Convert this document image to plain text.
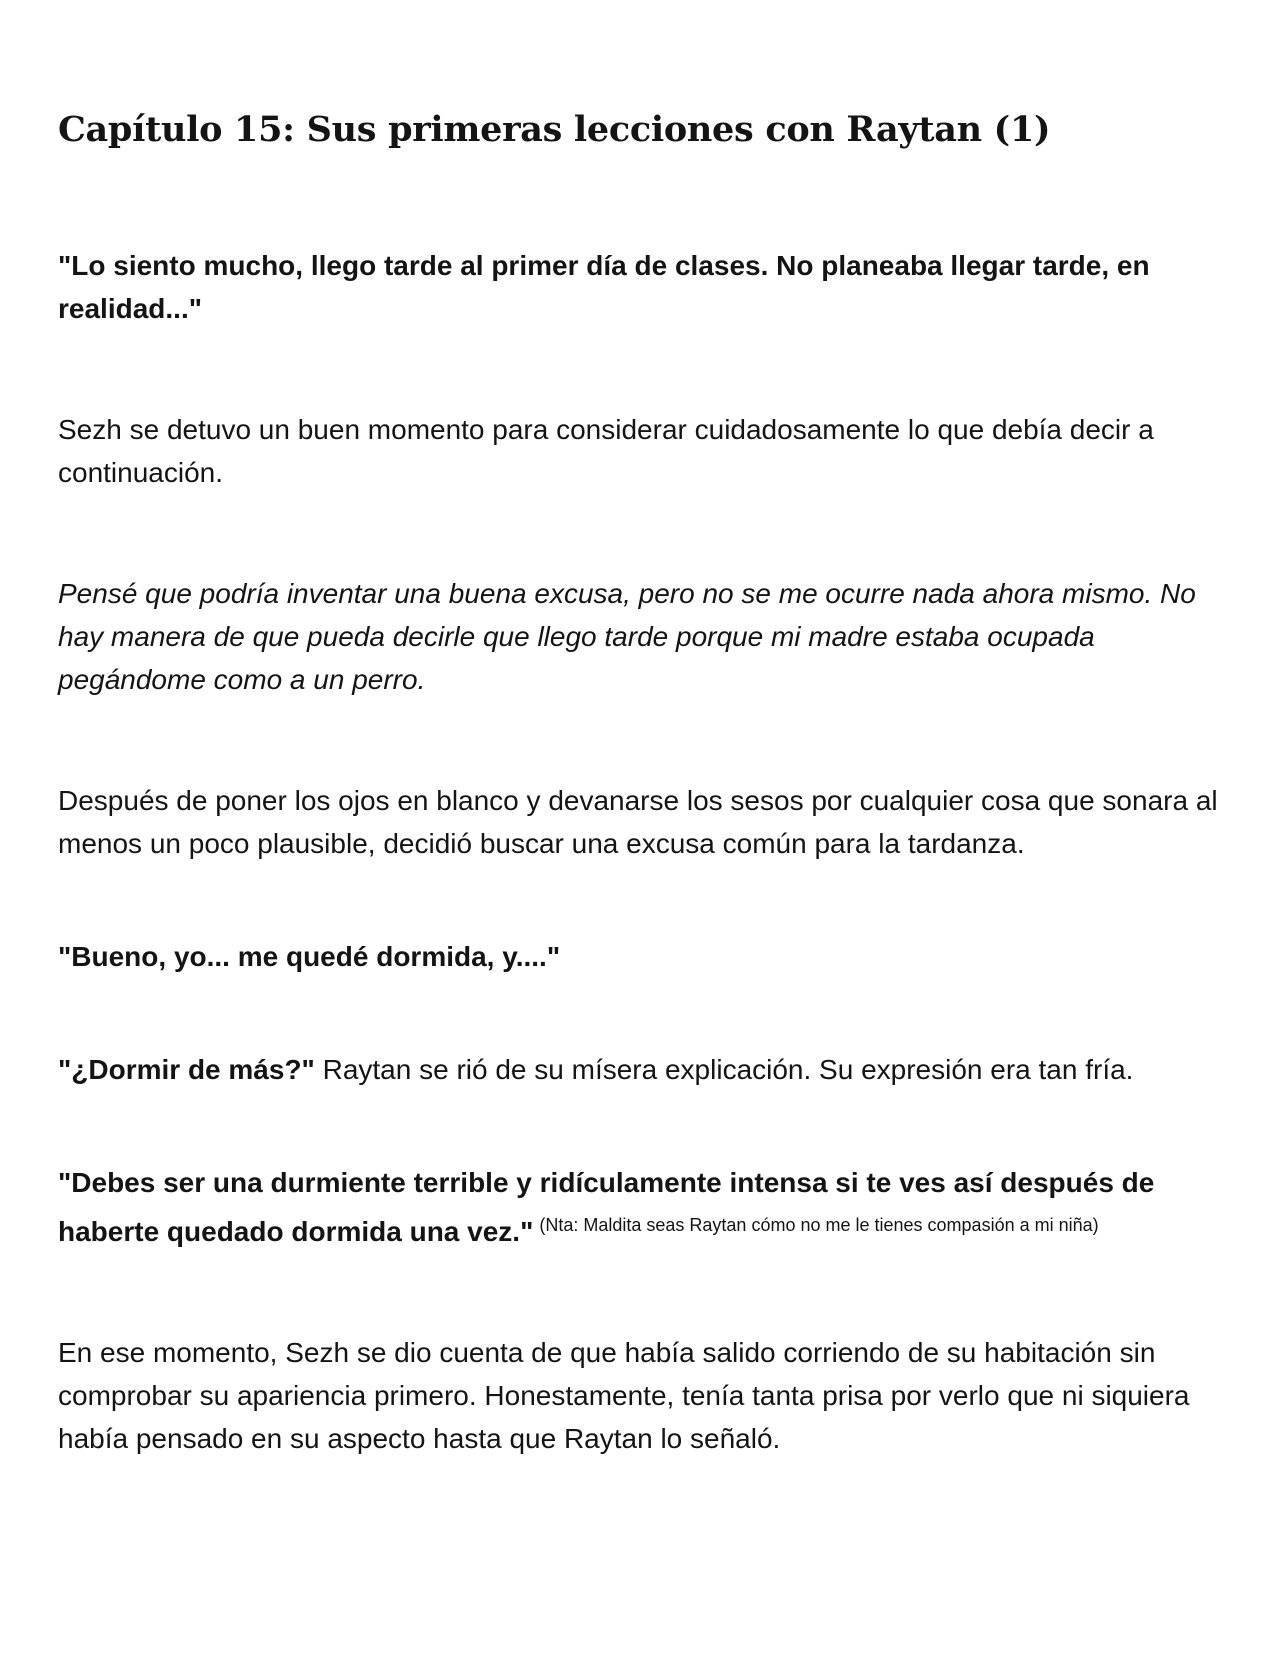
Capítulo 15: Sus primeras lecciones con Raytan (1)

"Lo siento mucho, llego tarde al primer día de clases. No planeaba llegar tarde, en realidad..."

Sezh se detuvo un buen momento para considerar cuidadosamente lo que debía decir a continuación.

Pensé que podría inventar una buena excusa, pero no se me ocurre nada ahora mismo. No hay manera de que pueda decirle que llego tarde porque mi madre estaba ocupada pegándome como a un perro.

Después de poner los ojos en blanco y devanarse los sesos por cualquier cosa que sonara al menos un poco plausible, decidió buscar una excusa común para la tardanza.

"Bueno, yo... me quedé dormida, y...."

"¿Dormir de más?" Raytan se rió de su mísera explicación. Su expresión era tan fría.

"Debes ser una durmiente terrible y ridículamente intensa si te ves así después de haberte quedado dormida una vez." $^{(Nta: Maldita seas Raytan cómo no me le tienes compasión a mi niña)}$

En ese momento, Sezh se dio cuenta de que había salido corriendo de su habitación sin comprobar su apariencia primero. Honestamente, tenía tanta prisa por verlo que ni siquiera había pensado en su aspecto hasta que Raytan lo señaló.
